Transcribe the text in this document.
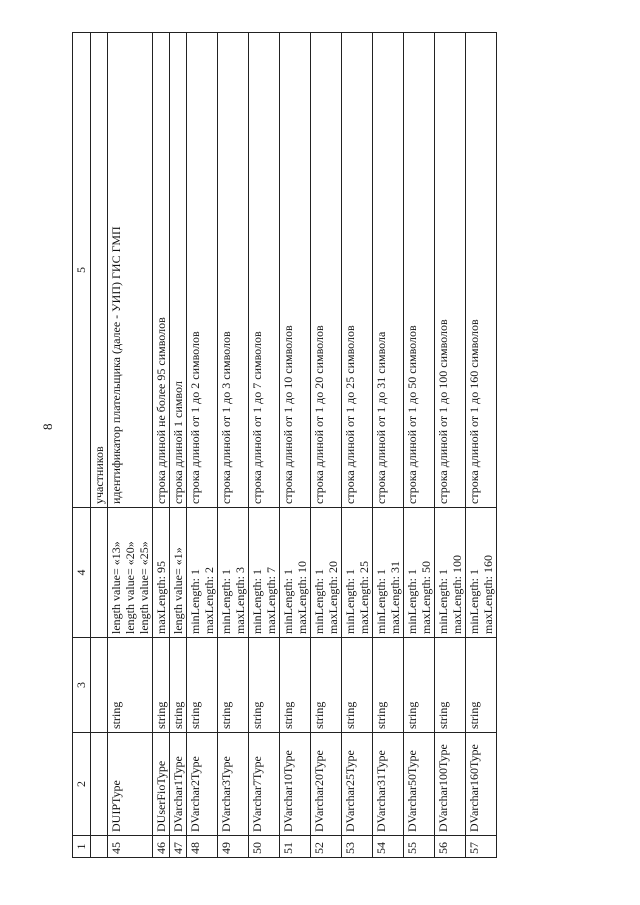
8
1	2	3	4	5
				участников
45	DUIPType	string	length value= «13» length value= «20» length value= «25»	идентификатор плательщика (далее - УИП) ГИС ГМП
46	DUserFioType	string	maxLength: 95	строка длиной не более 95 символов
47	DVarchar1Type	string	length value= «1»	строка длиной 1 символ
48	DVarchar2Type	string	minLength: 1 maxLength: 2	строка длиной от 1 до 2 символов
49	DVarchar3Type	string	minLength: 1 maxLength: 3	строка длиной от 1 до 3 символов
50	DVarchar7Type	string	minLength: 1 maxLength: 7	строка длиной от 1 до 7 символов
51	DVarchar10Type	string	minLength: 1 maxLength: 10	строка длиной от 1 до 10 символов
52	DVarchar20Type	string	minLength: 1 maxLength: 20	строка длиной от 1 до 20 символов
53	DVarchar25Type	string	minLength: 1 maxLength: 25	строка длиной от 1 до 25 символов
54	DVarchar31Type	string	minLength: 1 maxLength: 31	строка длиной от 1 до 31 символа
55	DVarchar50Type	string	minLength: 1 maxLength: 50	строка длиной от 1 до 50 символов
56	DVarchar100Type	string	minLength: 1 maxLength: 100	строка длиной от 1 до 100 символов
57	DVarchar160Type	string	minLength: 1 maxLength: 160	строка длиной от 1 до 160 символов
